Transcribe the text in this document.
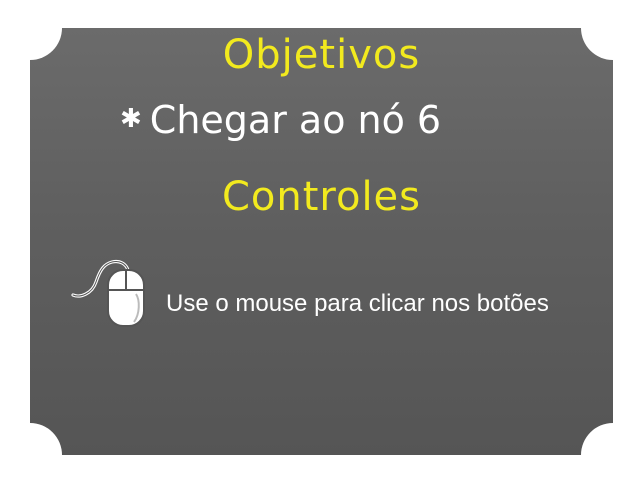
Objetivos
✱ Chegar ao nó 6
Controles
Use o mouse para clicar nos botões
